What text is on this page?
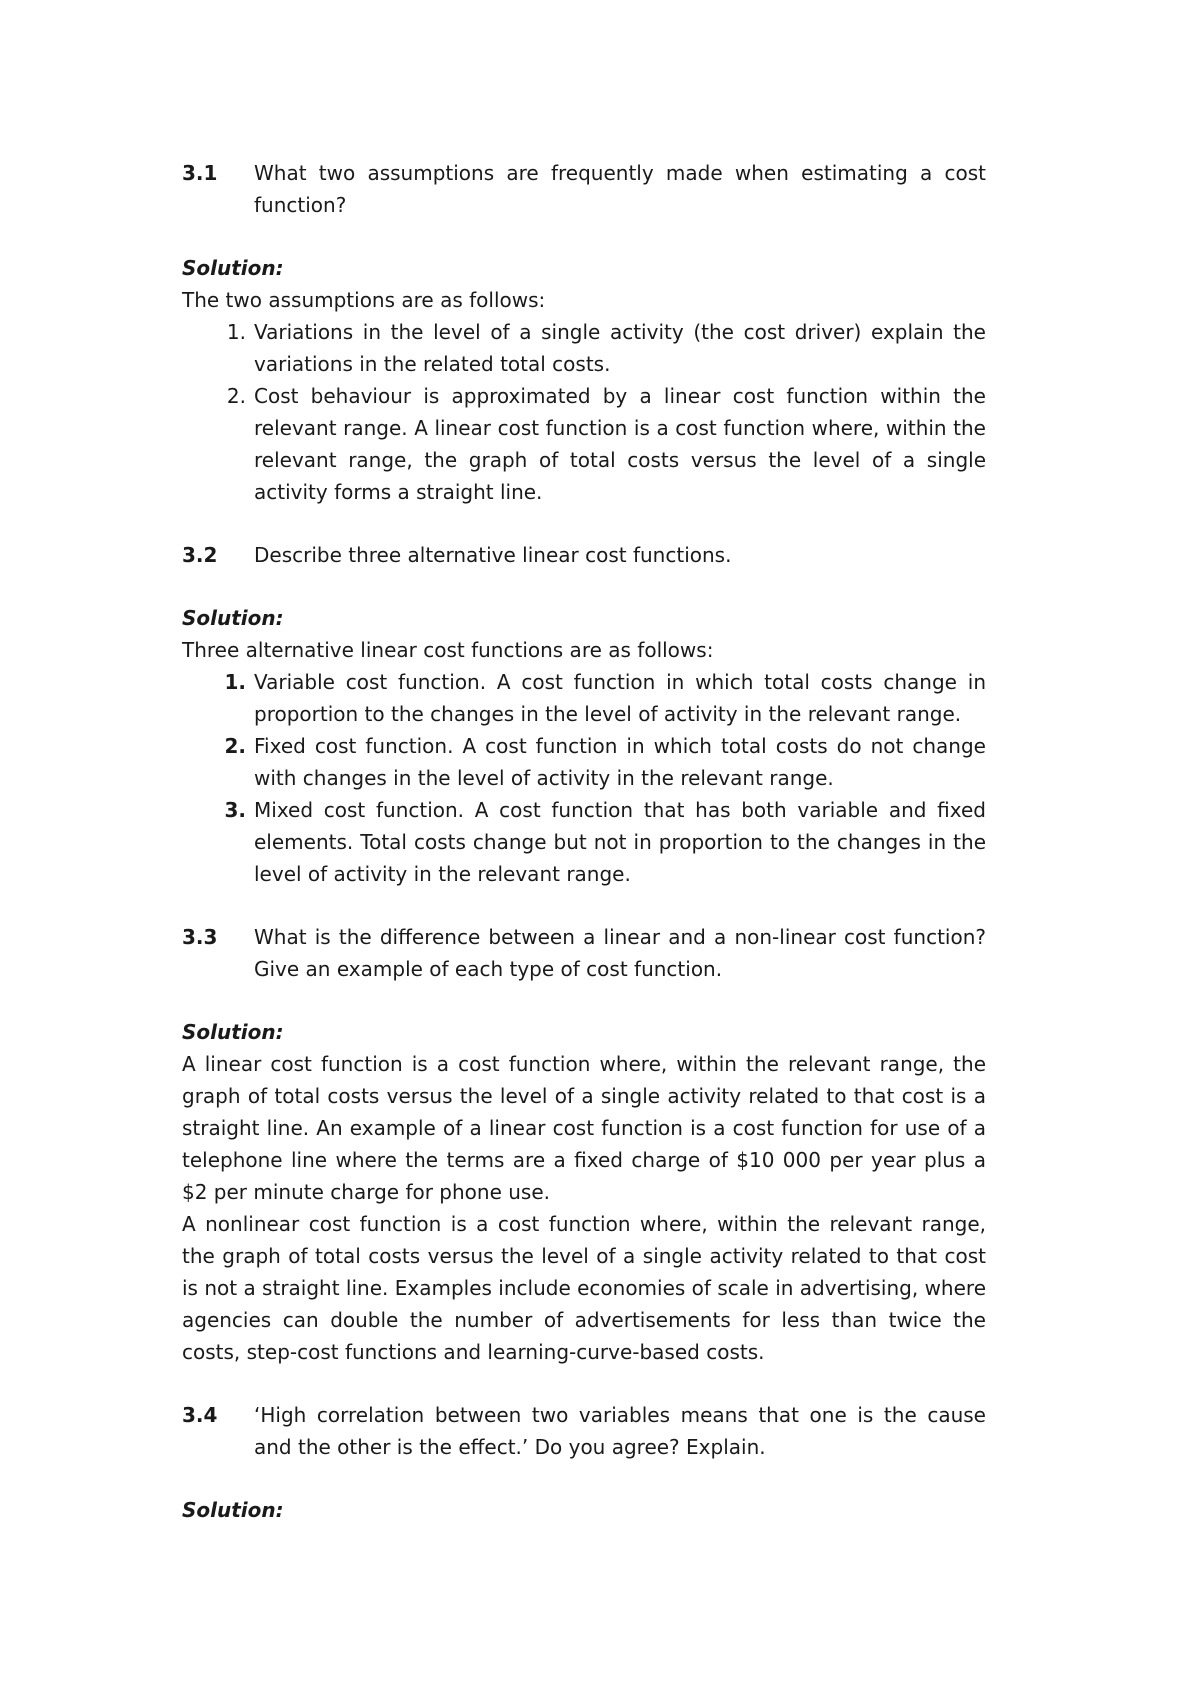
3.1	What two assumptions are frequently made when estimating a cost function?
Solution:
The two assumptions are as follows:
1. Variations in the level of a single activity (the cost driver) explain the variations in the related total costs.
2. Cost behaviour is approximated by a linear cost function within the relevant range. A linear cost function is a cost function where, within the relevant range, the graph of total costs versus the level of a single activity forms a straight line.
3.2	Describe three alternative linear cost functions.
Solution:
Three alternative linear cost functions are as follows:
1. Variable cost function. A cost function in which total costs change in proportion to the changes in the level of activity in the relevant range.
2. Fixed cost function. A cost function in which total costs do not change with changes in the level of activity in the relevant range.
3. Mixed cost function. A cost function that has both variable and fixed elements. Total costs change but not in proportion to the changes in the level of activity in the relevant range.
3.3	What is the difference between a linear and a non-linear cost function? Give an example of each type of cost function.
Solution:
A linear cost function is a cost function where, within the relevant range, the graph of total costs versus the level of a single activity related to that cost is a straight line. An example of a linear cost function is a cost function for use of a telephone line where the terms are a fixed charge of $10 000 per year plus a $2 per minute charge for phone use.
A nonlinear cost function is a cost function where, within the relevant range, the graph of total costs versus the level of a single activity related to that cost is not a straight line. Examples include economies of scale in advertising, where agencies can double the number of advertisements for less than twice the costs, step-cost functions and learning-curve-based costs.
3.4	‘High correlation between two variables means that one is the cause and the other is the effect.’ Do you agree? Explain.
Solution:
